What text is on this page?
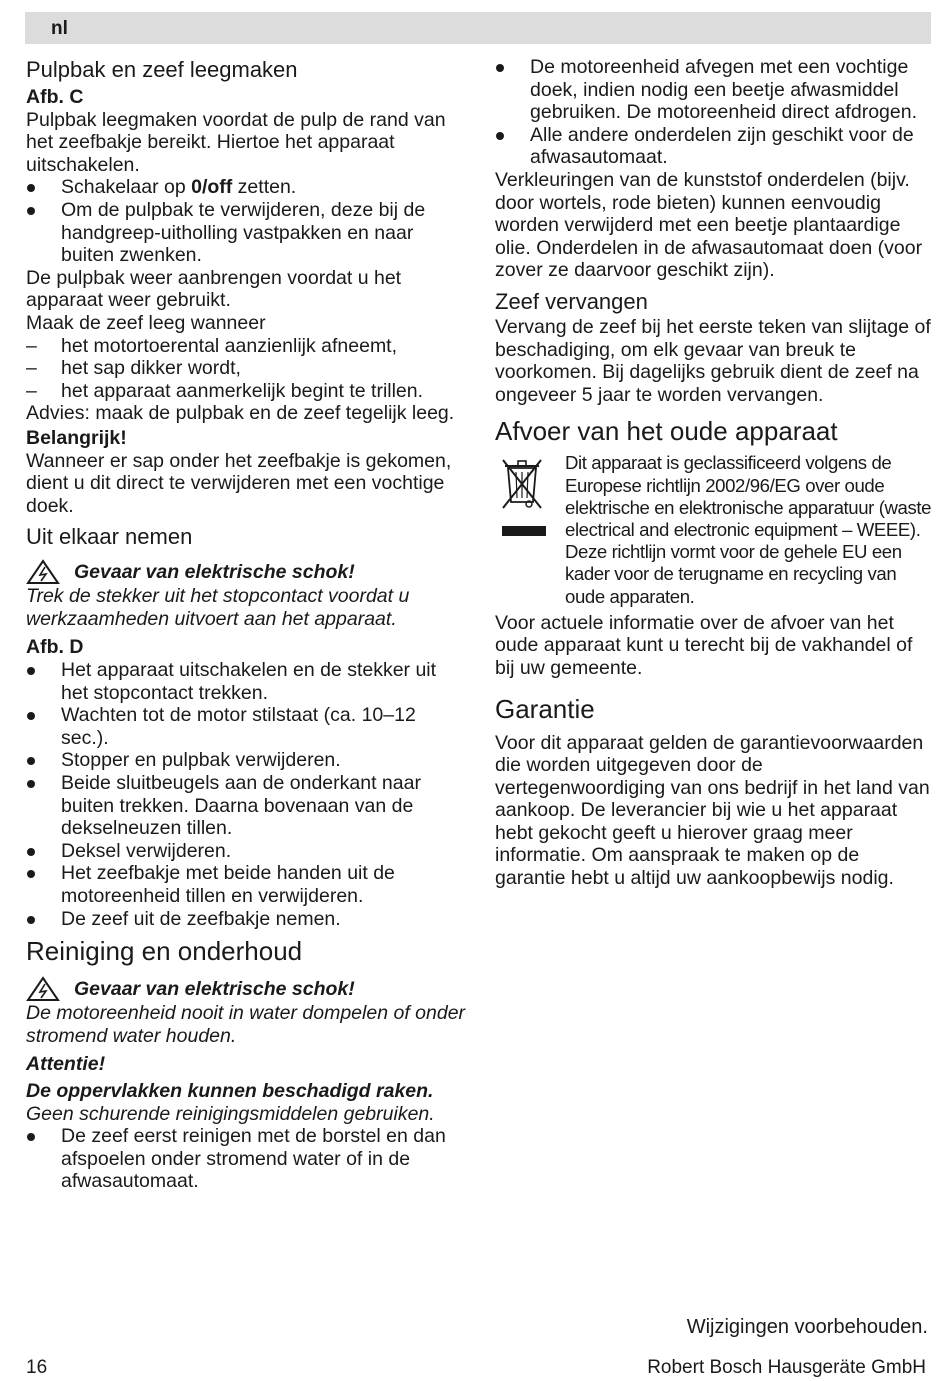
nl
Pulpbak en zeef leegmaken

Afb. C

Pulpbak leegmaken voordat de pulp de rand van het zeefbakje bereikt. Hiertoe het apparaat uitschakelen.

Schakelaar op 0/off zetten.
Om de pulpbak te verwijderen, deze bij de handgreep-uitholling vastpakken en naar buiten zwenken.

De pulpbak weer aanbrengen voordat u het apparaat weer gebruikt.

Maak de zeef leeg wanneer

– het motortoerental aanzienlijk afneemt,
– het sap dikker wordt,
– het apparaat aanmerkelijk begint te trillen.

Advies: maak de pulpbak en de zeef tegelijk leeg.

Belangrijk!

Wanneer er sap onder het zeefbakje is gekomen, dient u dit direct te verwijderen met een vochtige doek.

Uit elkaar nemen
Gevaar van elektrische schok!

Trek de stekker uit het stopcontact voordat u werkzaamheden uitvoert aan het apparaat.

Afb. D

Het apparaat uitschakelen en de stekker uit het stopcontact trekken.
Wachten tot de motor stilstaat (ca. 10–12 sec.).
Stopper en pulpbak verwijderen.
Beide sluitbeugels aan de onderkant naar buiten trekken. Daarna bovenaan van de dekselneuzen tillen.
Deksel verwijderen.
Het zeefbakje met beide handen uit de motoreenheid tillen en verwijderen.
De zeef uit de zeefbakje nemen.
Reiniging en onderhoud
Gevaar van elektrische schok!

De motoreenheid nooit in water dompelen of onder stromend water houden.

Attentie!

De oppervlakken kunnen beschadigd raken. Geen schurende reinigingsmiddelen gebruiken.

De zeef eerst reinigen met de borstel en dan afspoelen onder stromend water of in de afwasautomaat.
De motoreenheid afvegen met een vochtige doek, indien nodig een beetje afwasmiddel gebruiken. De motoreenheid direct afdrogen.
Alle andere onderdelen zijn geschikt voor de afwasautomaat.

Verkleuringen van de kunststof onderdelen (bijv. door wortels, rode bieten) kunnen eenvoudig worden verwijderd met een beetje plantaardige olie. Onderdelen in de afwasautomaat doen (voor zover ze daarvoor geschikt zijn).

Zeef vervangen

Vervang de zeef bij het eerste teken van slijtage of beschadiging, om elk gevaar van breuk te voorkomen. Bij dagelijks gebruik dient de zeef na ongeveer 5 jaar te worden vervangen.

Afvoer van het oude apparaat

Dit apparaat is geclassificeerd volgens de Europese richtlijn 2002/96/EG over oude elektrische en elektronische apparatuur (waste electrical and electronic equipment – WEEE). Deze richtlijn vormt voor de gehele EU een kader voor de terugname en recycling van oude apparaten.

Voor actuele informatie over de afvoer van het oude apparaat kunt u terecht bij de vakhandel of bij uw gemeente.

Garantie

Voor dit apparaat gelden de garantievoorwaarden die worden uitgegeven door de vertegenwoordiging van ons bedrijf in het land van aankoop. De leverancier bij wie u het apparaat hebt gekocht geeft u hierover graag meer informatie. Om aanspraak te maken op de garantie hebt u altijd uw aankoopbewijs nodig.

Wijzigingen voorbehouden.
16	Robert Bosch Hausgeräte GmbH
